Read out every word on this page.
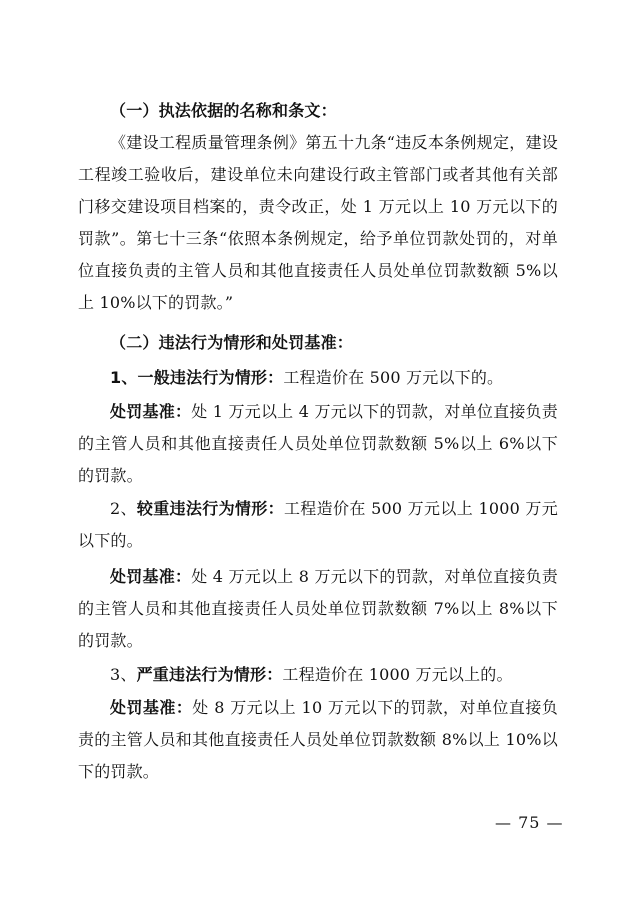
（一）执法依据的名称和条文：

《建设工程质量管理条例》第五十九条“违反本条例规定，建设工程竣工验收后，建设单位未向建设行政主管部门或者其他有关部门移交建设项目档案的，责令改正，处 1 万元以上 10 万元以下的罚款”。第七十三条“依照本条例规定，给予单位罚款处罚的，对单位直接负责的主管人员和其他直接责任人员处单位罚款数额 5%以上 10%以下的罚款。”

（二）违法行为情形和处罚基准：

1、一般违法行为情形：工程造价在 500 万元以下的。

处罚基准：处 1 万元以上 4 万元以下的罚款，对单位直接负责的主管人员和其他直接责任人员处单位罚款数额 5%以上 6%以下的罚款。

2、较重违法行为情形：工程造价在 500 万元以上 1000 万元以下的。

处罚基准：处 4 万元以上 8 万元以下的罚款，对单位直接负责的主管人员和其他直接责任人员处单位罚款数额 7%以上 8%以下的罚款。

3、严重违法行为情形：工程造价在 1000 万元以上的。

处罚基准：处 8 万元以上 10 万元以下的罚款，对单位直接负责的主管人员和其他直接责任人员处单位罚款数额 8%以上 10%以下的罚款。

— 75 —
